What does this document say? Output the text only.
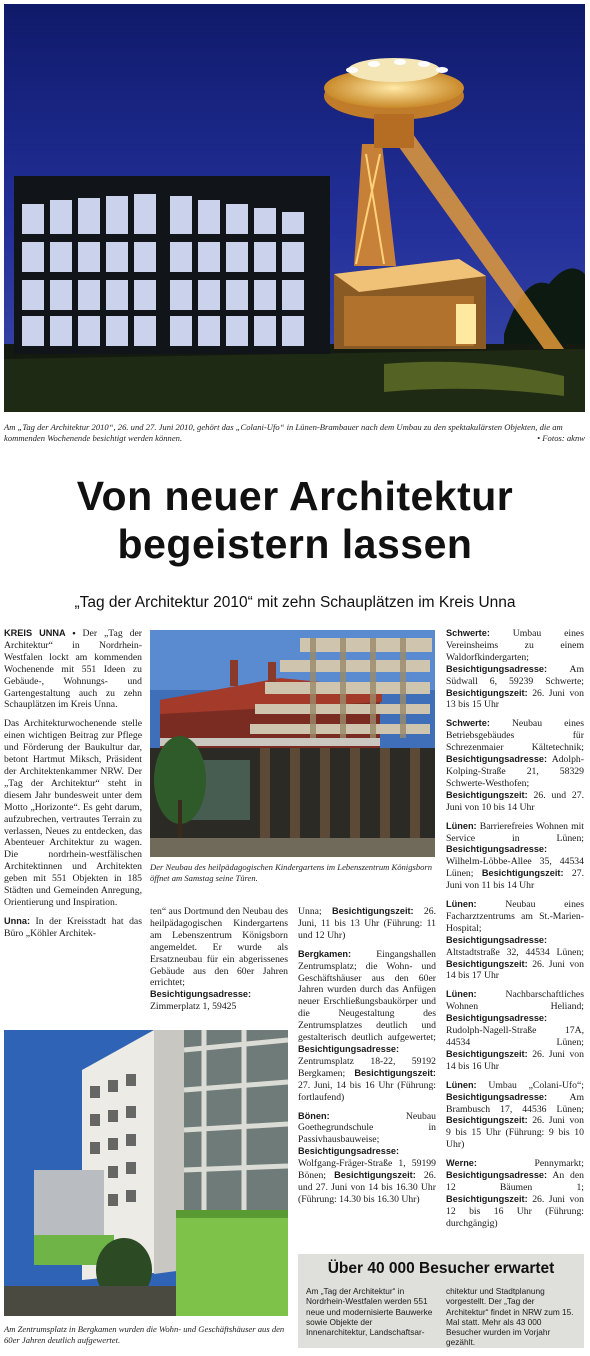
Am „Tag der Architektur 2010“, 26. und 27. Juni 2010, gehört das „Colani-Ufo“ in Lünen-Brambauer nach dem Umbau zu den spektakulärsten Objekten, die am kommenden Wochenende besichtigt werden können.	• Fotos: aknw
Von neuer Architektur
begeistern lassen
„Tag der Architektur 2010“ mit zehn Schauplätzen im Kreis Unna

KREIS UNNA • Der „Tag der Architektur“ in Nordrhein-Westfalen lockt am kommenden Wochenende mit 551 Ideen zu Gebäude-, Wohnungs- und Gartengestaltung auch zu zehn Schauplätzen im Kreis Unna.

Das Architekturwochenende stelle einen wichtigen Beitrag zur Pflege und Förderung der Baukultur dar, betont Hartmut Miksch, Präsident der Architektenkammer NRW. Der „Tag der Architektur“ steht in diesem Jahr bundesweit unter dem Motto „Horizonte“. Es geht darum, aufzubrechen, vertrautes Terrain zu verlassen, Neues zu entdecken, das Abenteuer Architektur zu wagen. Die nordrhein-westfälischen Architektinnen und Architekten geben mit 551 Objekten in 185 Städten und Gemeinden Anregung, Orientierung und Inspiration.

Unna: In der Kreisstadt hat das Büro „Köhler Architek-

Der Neubau des heilpädagogischen Kindergartens im Lebenszentrum Königsborn öffnet am Samstag seine Türen.

ten“ aus Dortmund den Neubau des heilpädagogischen Kindergartens am Lebenszentrum Königsborn angemeldet. Er wurde als Ersatzneubau für ein abgerissenes Gebäude aus den 60er Jahren errichtet; Besichtigungsadresse: Zimmerplatz 1, 59425

Unna; Besichtigungszeit: 26. Juni, 11 bis 13 Uhr (Führung: 11 und 12 Uhr)

Bergkamen: Eingangshallen Zentrumsplatz; die Wohn- und Geschäftshäuser aus den 60er Jahren wurden durch das Anfügen neuer Erschließungsbaukörper und die Neugestaltung des Zentrumsplatzes deutlich und gestalterisch deutlich aufgewertet; Besichtigungsadresse: Zentrumsplatz 18-22, 59192 Bergkamen; Besichtigungszeit: 27. Juni, 14 bis 16 Uhr (Führung: fortlaufend)

Bönen: Neubau Goethegrundschule in Passivhausbauweise; Besichtigungsadresse: Wolfgang-Fräger-Straße 1, 59199 Bönen; Besichtigungszeit: 26. und 27. Juni von 14 bis 16.30 Uhr (Führung: 14.30 bis 16.30 Uhr)

Schwerte: Umbau eines Vereinsheims zu einem Waldorfkindergarten; Besichtigungsadresse: Am Südwall 6, 59239 Schwerte; Besichtigungszeit: 26. Juni von 13 bis 15 Uhr

Schwerte: Neubau eines Betriebsgebäudes für Schrezenmaier Kältetechnik; Besichtigungsadresse: Adolph-Kolping-Straße 21, 58329 Schwerte-Westhofen; Besichtigungszeit: 26. und 27. Juni von 10 bis 14 Uhr

Lünen: Barrierefreies Wohnen mit Service in Lünen; Besichtigungsadresse: Wilhelm-Löbbe-Allee 35, 44534 Lünen; Besichtigungszeit: 27. Juni von 11 bis 14 Uhr

Lünen: Neubau eines Facharztzentrums am St.-Marien-Hospital; Besichtigungsadresse: Altstadtstraße 32, 44534 Lünen; Besichtigungszeit: 26. Juni von 14 bis 17 Uhr

Lünen: Nachbarschaftliches Wohnen Heliand; Besichtigungsadresse: Rudolph-Nagell-Straße 17A, 44534 Lünen; Besichtigungszeit: 26. Juni von 14 bis 16 Uhr

Lünen: Umbau „Colani-Ufo“; Besichtigungsadresse: Am Brambusch 17, 44536 Lünen; Besichtigungszeit: 26. Juni von 9 bis 15 Uhr (Führung: 9 bis 10 Uhr)

Werne: Pennymarkt; Besichtigungsadresse: An den 12 Bäumen 1; Besichtigungszeit: 26. Juni von 12 bis 16 Uhr (Führung: durchgängig)

Am Zentrumsplatz in Bergkamen wurden die Wohn- und Geschäftshäuser aus den 60er Jahren deutlich aufgewertet.
Über 40 000 Besucher erwartet
Am „Tag der Architektur“ in Nordrhein-Westfalen werden 551 neue und modernisierte Bauwerke sowie Objekte der Innenarchitektur, Landschaftsar-
chitektur und Stadtplanung vorgestellt. Der „Tag der Architektur“ findet in NRW zum 15. Mal statt. Mehr als 43 000 Besucher wurden im Vorjahr gezählt.
